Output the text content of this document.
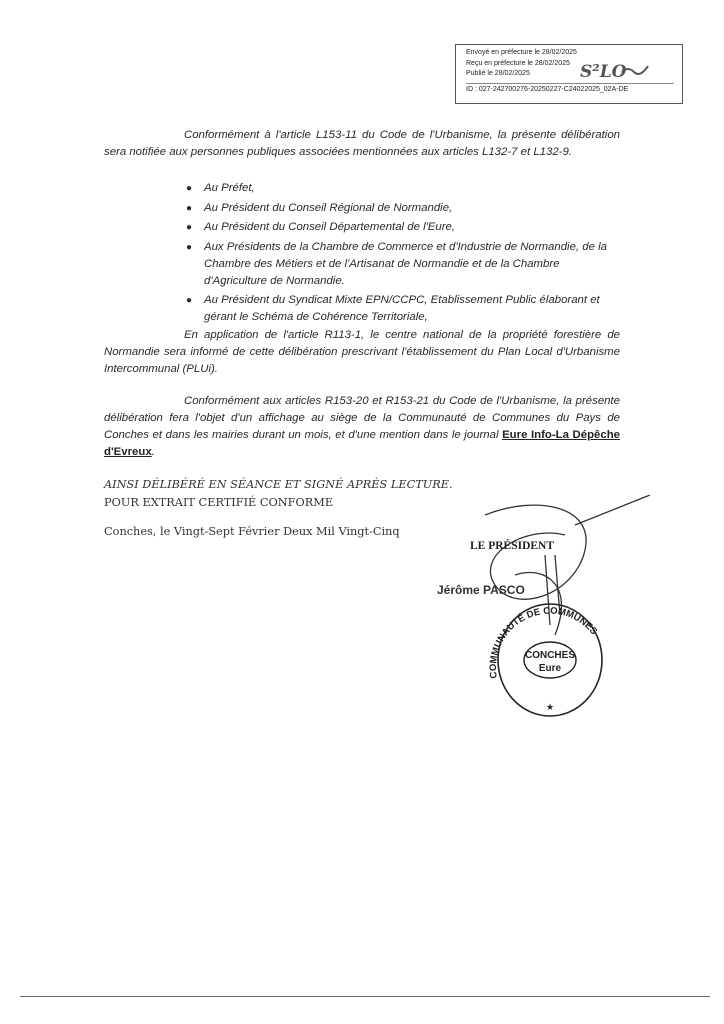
Envoyé en préfecture le 28/02/2025
Reçu en préfecture le 28/02/2025
Publié le 28/02/2025
ID : 027-242700276-20250227-C24022025_02A-DE
S²LO
Conformément à l'article L153-11 du Code de l'Urbanisme, la présente délibération sera notifiée aux personnes publiques associées mentionnées aux articles L132-7 et L132-9.
● Au Préfet,
● Au Président du Conseil Régional de Normandie,
● Au Président du Conseil Départemental de l'Eure,
● Aux Présidents de la Chambre de Commerce et d'Industrie de Normandie, de la Chambre des Métiers et de l'Artisanat de Normandie et de la Chambre d'Agriculture de Normandie.
● Au Président du Syndicat Mixte EPN/CCPC, Etablissement Public élaborant et gérant le Schéma de Cohérence Territoriale,
En application de l'article R113-1, le centre national de la propriété forestière de Normandie sera informé de cette délibération prescrivant l'établissement du Plan Local d'Urbanisme Intercommunal (PLUi).
Conformément aux articles R153-20 et R153-21 du Code de l'Urbanisme, la présente délibération fera l'objet d'un affichage au siège de la Communauté de Communes du Pays de Conches et dans les mairies durant un mois, et d'une mention dans le journal Eure Info-La Dépêche d'Evreux.
AINSI DÉLIBÉRÉ EN SÉANCE ET SIGNÉ APRÈS LECTURE.
POUR EXTRAIT CERTIFIÉ CONFORME
Conches, le Vingt-Sept Février Deux Mil Vingt-Cinq
LE PRÉSIDENT
Jérôme PASCO
COMMUNAUTÉ DE COMMUNES
CONCHES
Eure
★
